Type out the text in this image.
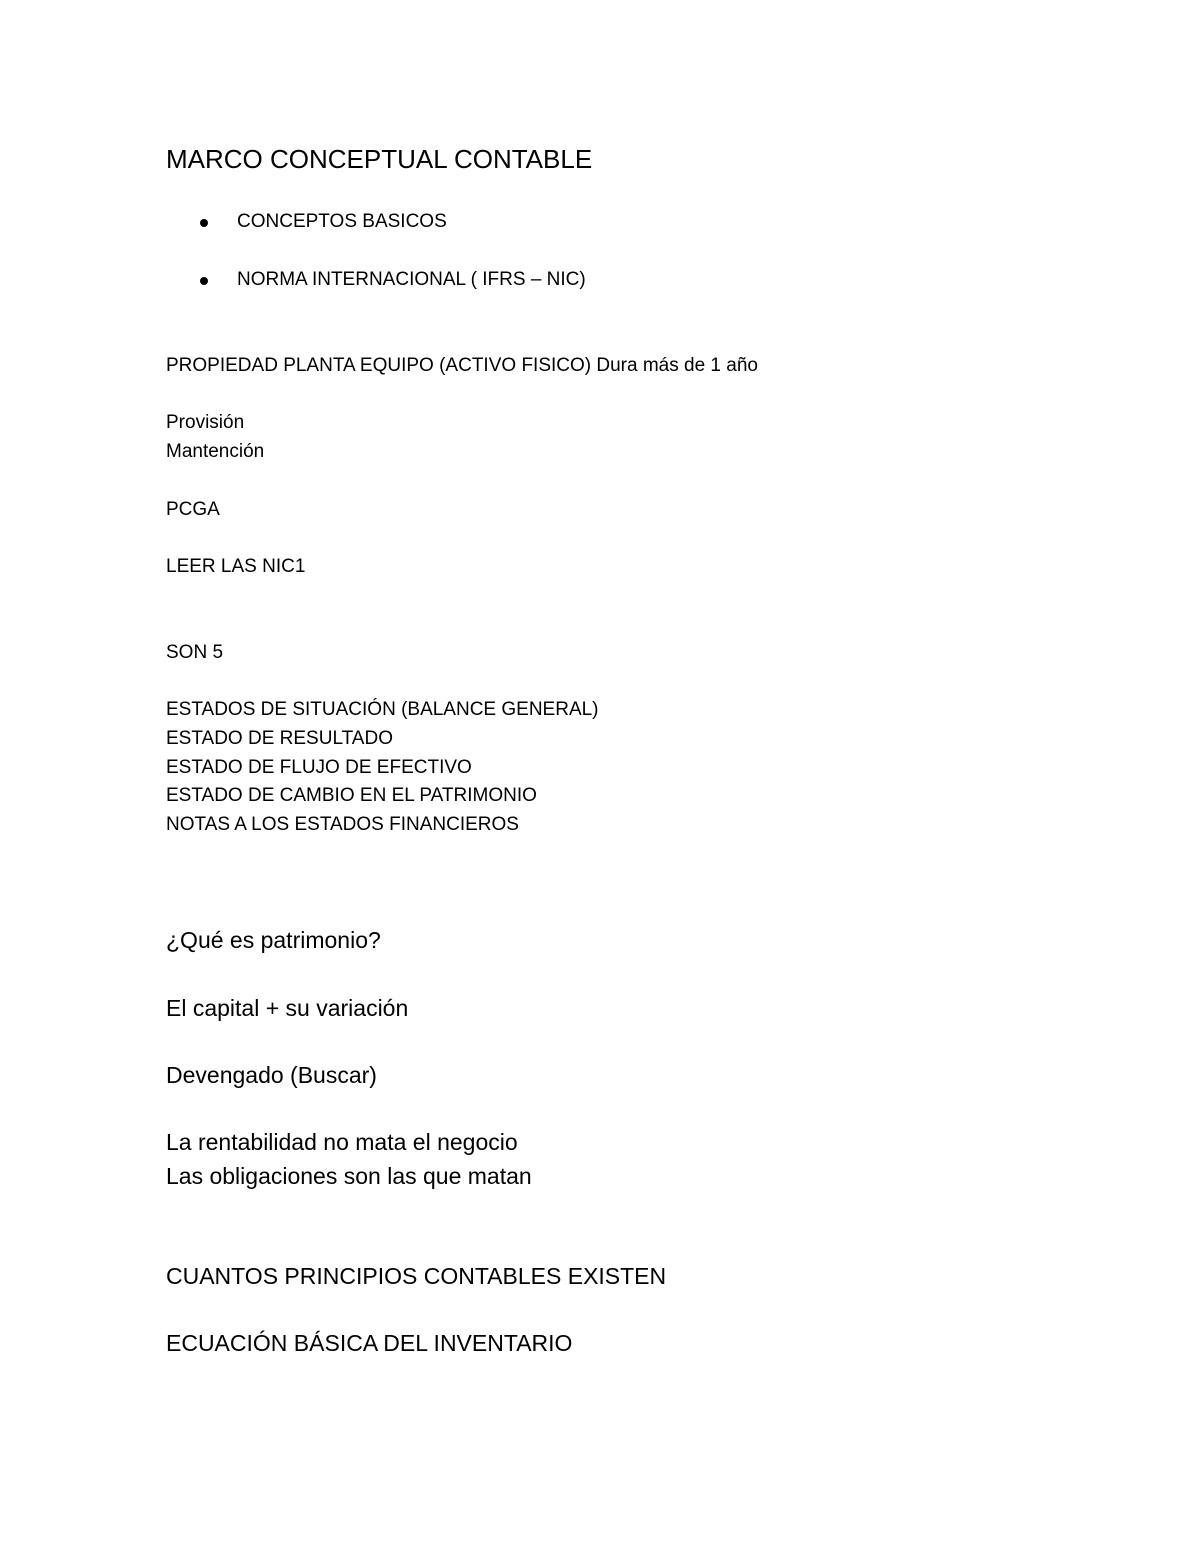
MARCO CONCEPTUAL CONTABLE
CONCEPTOS BASICOS
NORMA INTERNACIONAL ( IFRS – NIC)
PROPIEDAD PLANTA EQUIPO (ACTIVO FISICO) Dura más de 1 año
Provisión
Mantención
PCGA
LEER LAS NIC1
SON 5
ESTADOS DE SITUACIÓN (BALANCE GENERAL)
ESTADO DE RESULTADO
ESTADO DE FLUJO DE EFECTIVO
ESTADO DE CAMBIO EN EL PATRIMONIO
NOTAS A LOS ESTADOS FINANCIEROS
¿Qué es patrimonio?
El capital + su variación
Devengado (Buscar)
La rentabilidad no mata el negocio
Las obligaciones son las que matan
CUANTOS PRINCIPIOS CONTABLES EXISTEN
ECUACIÓN BÁSICA DEL INVENTARIO
